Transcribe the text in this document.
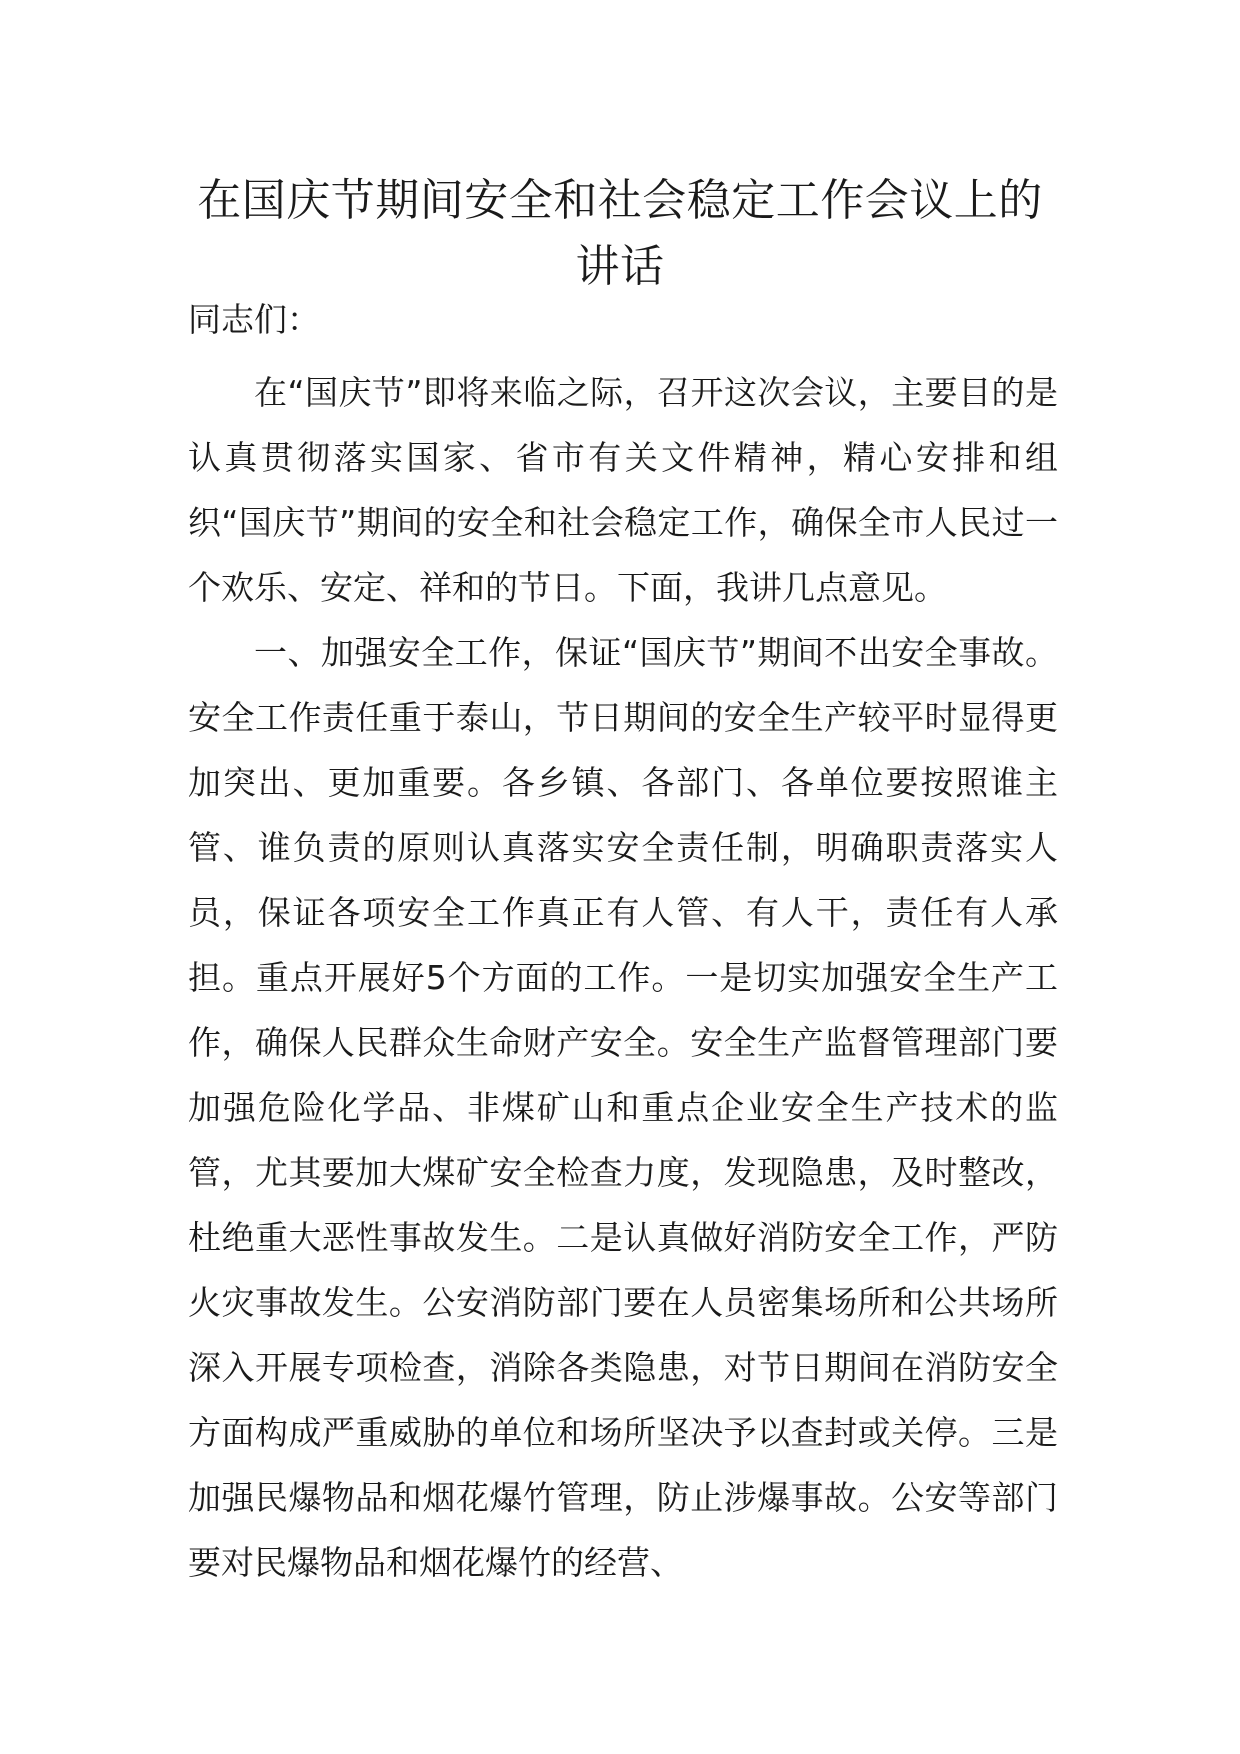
在国庆节期间安全和社会稳定工作会议上的讲话
同志们：

在“国庆节”即将来临之际，召开这次会议，主要目的是认真贯彻落实国家、省市有关文件精神，精心安排和组织“国庆节”期间的安全和社会稳定工作，确保全市人民过一个欢乐、安定、祥和的节日。下面，我讲几点意见。

一、加强安全工作，保证“国庆节”期间不出安全事故。安全工作责任重于泰山，节日期间的安全生产较平时显得更加突出、更加重要。各乡镇、各部门、各单位要按照谁主管、谁负责的原则认真落实安全责任制，明确职责落实人员，保证各项安全工作真正有人管、有人干，责任有人承担。重点开展好5个方面的工作。一是切实加强安全生产工作，确保人民群众生命财产安全。安全生产监督管理部门要加强危险化学品、非煤矿山和重点企业安全生产技术的监管，尤其要加大煤矿安全检查力度，发现隐患，及时整改，杜绝重大恶性事故发生。二是认真做好消防安全工作，严防火灾事故发生。公安消防部门要在人员密集场所和公共场所深入开展专项检查，消除各类隐患，对节日期间在消防安全方面构成严重威胁的单位和场所坚决予以查封或关停。三是加强民爆物品和烟花爆竹管理，防止涉爆事故。公安等部门要对民爆物品和烟花爆竹的经营、
